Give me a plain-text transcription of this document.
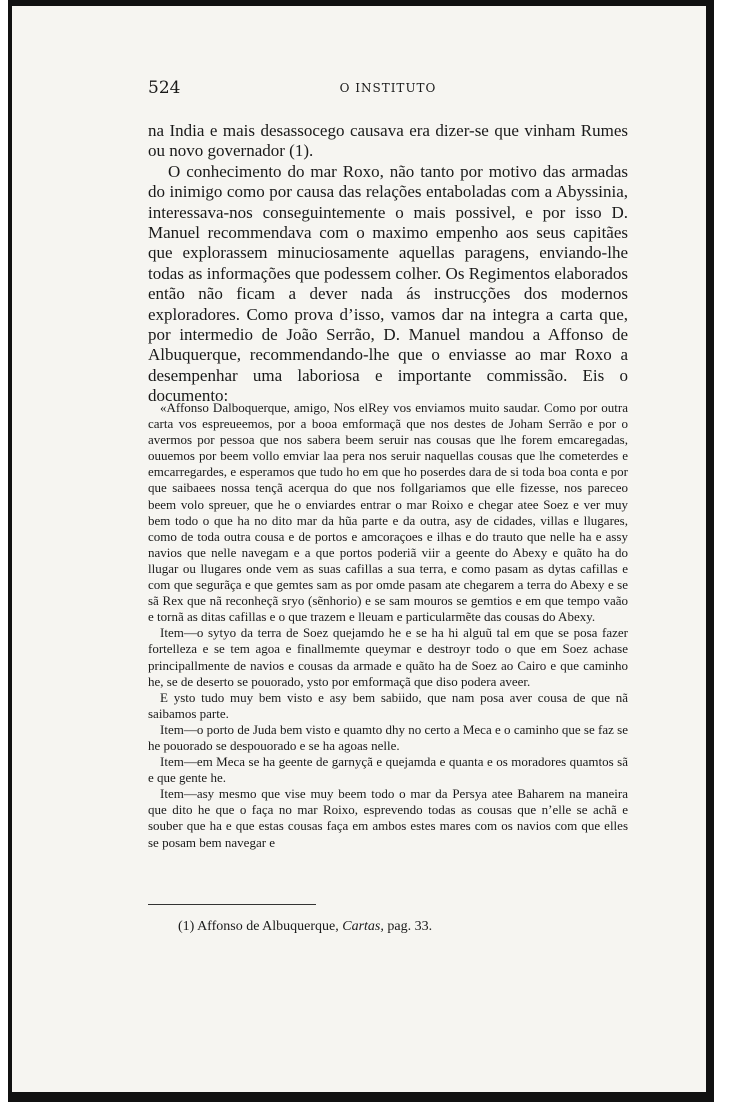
524	O INSTITUTO

na India e mais desassocego causava era dizer-se que vinham Rumes ou novo governador (1).

O conhecimento do mar Roxo, não tanto por motivo das armadas do inimigo como por causa das relações entaboladas com a Abyssinia, interessava-nos conseguintemente o mais possivel, e por isso D. Manuel recommendava com o maximo empenho aos seus capitães que explorassem minuciosamente aquellas paragens, enviando-lhe todas as informações que podessem colher. Os Regimentos elaborados então não ficam a dever nada ás instrucções dos modernos exploradores. Como prova d’isso, vamos dar na integra a carta que, por intermedio de João Serrão, D. Manuel mandou a Affonso de Albuquerque, recommendando-lhe que o enviasse ao mar Roxo a desempenhar uma laboriosa e importante commissão. Eis o documento:

«Affonso Dalboquerque, amigo, Nos elRey vos enviamos muito saudar. Como por outra carta vos espreueemos, por a booa emformaçã que nos destes de Joham Serrão e por o avermos por pessoa que nos sabera beem seruir nas cousas que lhe forem emcaregadas, ouuemos por beem vollo emviar laa pera nos seruir naquellas cousas que lhe cometerdes e emcarregardes, e esperamos que tudo ho em que ho poserdes dara de si toda boa conta e por que saibaees nossa tençã acerqua do que nos follgariamos que elle fizesse, nos pareceo beem volo spreuer, que he o enviardes entrar o mar Roixo e chegar atee Soez e ver muy bem todo o que ha no dito mar da hũa parte e da outra, asy de cidades, villas e llugares, como de toda outra cousa e de portos e amcoraçoes e ilhas e do trauto que nelle ha e assy navios que nelle navegam e a que portos poderiã viir a geente do Abexy e quãto ha do llugar ou llugares onde vem as suas cafillas a sua terra, e como pasam as dytas cafillas e com que segurãça e que gemtes sam as por omde pasam ate chegarem a terra do Abexy e se sã Rex que nã reconheçã sryo (sẽnhorio) e se sam mouros se gemtios e em que tempo vaão e tornã as ditas cafillas e o que trazem e lleuam e particularmẽte das cousas do Abexy.

Item—o sytyo da terra de Soez quejamdo he e se ha hi alguũ tal em que se posa fazer fortelleza e se tem agoa e finallmemte queymar e destroyr todo o que em Soez achase principallmente de navios e cousas da armade e quãto ha de Soez ao Cairo e que caminho he, se de deserto se pouorado, ysto por emformaçã que diso podera aveer.

E ysto tudo muy bem visto e asy bem sabiido, que nam posa aver cousa de que nã saibamos parte.

Item—o porto de Juda bem visto e quamto dhy no certo a Meca e o caminho que se faz se he pouorado se despouorado e se ha agoas nelle.

Item—em Meca se ha geente de garnyçã e quejamda e quanta e os moradores quamtos sã e que gente he.

Item—asy mesmo que vise muy beem todo o mar da Persya atee Baharem na maneira que dito he que o faça no mar Roixo, esprevendo todas as cousas que n’elle se achã e souber que ha e que estas cousas faça em ambos estes mares com os navios com que elles se posam bem navegar e

(1) Affonso de Albuquerque, Cartas, pag. 33.
